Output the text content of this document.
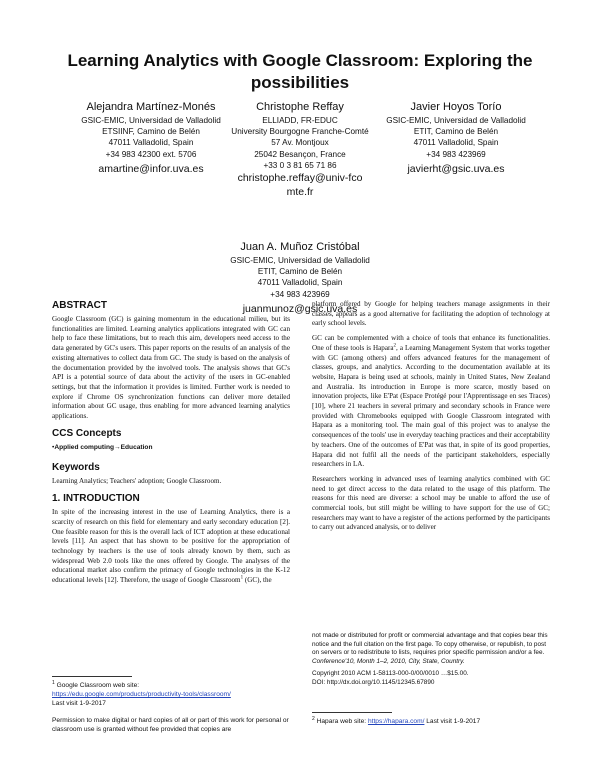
Learning Analytics with Google Classroom: Exploring the possibilities
Alejandra Martínez-Monés
GSIC-EMIC, Universidad de Valladolid
ETSIINF, Camino de Belén
47011 Valladolid, Spain
+34 983 42300 ext. 5706
amartine@infor.uva.es
Christophe Reffay
ELLIADD, FR-EDUC
University Bourgogne Franche-Comté
57 Av. Montjoux
25042 Besançon, France
+33 0 3 81 65 71 86
christophe.reffay@univ-fcomte.fr
Javier Hoyos Torío
GSIC-EMIC, Universidad de Valladolid
ETIT, Camino de Belén
47011 Valladolid, Spain
+34 983 423969
javierht@gsic.uva.es
Juan A. Muñoz Cristóbal
GSIC-EMIC, Universidad de Valladolid
ETIT, Camino de Belén
47011 Valladolid, Spain
+34 983 423969
juanmunoz@gsic.uva.es
ABSTRACT

Google Classroom (GC) is gaining momentum in the educational milieu, but its functionalities are limited. Learning analytics applications integrated with GC can help to face these limitations, but to reach this aim, developers need access to the data generated by GC's users. This paper reports on the results of an analysis of the existing alternatives to collect data from GC. The study is based on the analysis of the documentation provided by the involved tools. The analysis shows that GC's API is a potential source of data about the activity of the users in GC-enabled settings, but that the information it provides is limited. Further work is needed to explore if Chrome OS synchronization functions can deliver more detailed information about GC usage, thus enabling for more advanced learning analytics applications.

CCS Concepts
•Applied computing→Education
Keywords

Learning Analytics; Teachers' adoption; Google Classroom.

1. INTRODUCTION

In spite of the increasing interest in the use of Learning Analytics, there is a scarcity of research on this field for elementary and early secondary education [2]. One feasible reason for this is the overall lack of ICT adoption at these educational levels [11]. An aspect that has shown to be positive for the appropriation of technology by teachers is the use of tools already known by them, such as widespread Web 2.0 tools like the ones offered by Google. The analyses of the educational market also confirm the primacy of Google technologies in the K-12 educational levels [12]. Therefore, the usage of Google Classroom$^1$ (GC), the

$^1$ Google Classroom web site:
https://edu.google.com/products/productivity-tools/classroom/
Last visit 1-9-2017
Permission to make digital or hard copies of all or part of this work for personal or classroom use is granted without fee provided that copies are

platform offered by Google for helping teachers manage assignments in their classes, appears as a good alternative for facilitating the adoption of technology at early school levels.

GC can be complemented with a choice of tools that enhance its functionalities. One of these tools is Hapara$^2$, a Learning Management System that works together with GC (among others) and offers advanced features for the management of classes, groups, and analytics. According to the documentation available at its website, Hapara is being used at schools, mainly in United States, New Zealand and Australia. Its introduction in Europe is more scarce, mostly based on innovation projects, like E'Pat (Espace Protégé pour l'Apprentissage en ses Traces) [10], where 21 teachers in several primary and secondary schools in France were provided with Chromebooks equipped with Google Classroom integrated with Hapara as a monitoring tool. The main goal of this project was to analyse the consequences of the tools' use in everyday teaching practices and their acceptability by teachers. One of the outcomes of E'Pat was that, in spite of its good properties, Hapara did not fulfil all the needs of the participant stakeholders, especially researchers in LA.

Researchers working in advanced uses of learning analytics combined with GC need to get direct access to the data related to the usage of this platform. The reasons for this need are diverse: a school may be unable to afford the use of commercial tools, but still might be willing to have support for the use of GC; researchers may want to have a register of the actions performed by the participants to carry out advanced analysis, or to deliver

not made or distributed for profit or commercial advantage and that copies bear this notice and the full citation on the first page. To copy otherwise, or republish, to post on servers or to redistribute to lists, requires prior specific permission and/or a fee.
Conference'10, Month 1–2, 2010, City, State, Country.
Copyright 2010 ACM 1-58113-000-0/00/0010 …$15.00.
DOI: http://dx.doi.org/10.1145/12345.67890
$^2$ Hapara web site: https://hapara.com/ Last visit 1-9-2017
